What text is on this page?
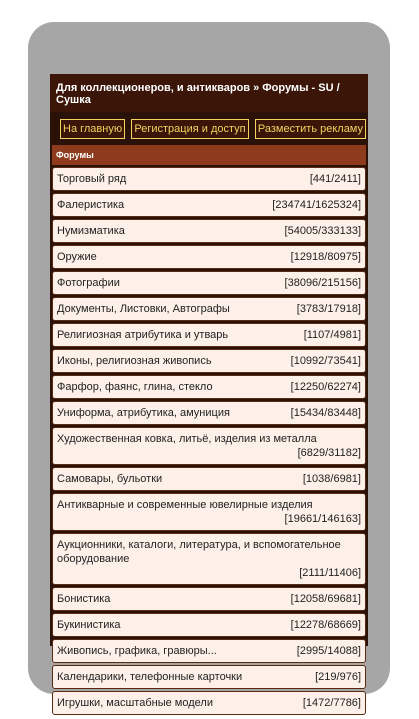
Для коллекционеров, и антикваров » Форумы - SU / Сушка
На главную Регистрация и доступ Разместить рекламу
Форумы
Торговый ряд	[441/2411]
Фалеристика	[234741/1625324]
Нумизматика	[54005/333133]
Оружие	[12918/80975]
Фотографии	[38096/215156]
Документы, Листовки, Автографы	[3783/17918]
Религиозная атрибутика и утварь	[1107/4981]
Иконы, религиозная живопись	[10992/73541]
Фарфор, фаянс, глина, стекло	[12250/62274]
Униформа, атрибутика, амуниция	[15434/83448]
Художественная ковка, литьё, изделия из металла
[6829/31182]
Самовары, бульотки	[1038/6981]
Антикварные и современные ювелирные изделия
[19661/146163]
Аукционники, каталоги, литература, и вспомогательное оборудование
[2111/11406]
Бонистика	[12058/69681]
Букинистика	[12278/68669]
Живопись, графика, гравюры...	[2995/14088]
Календарики, телефонные карточки	[219/976]
Игрушки, масштабные модели	[1472/7786]
